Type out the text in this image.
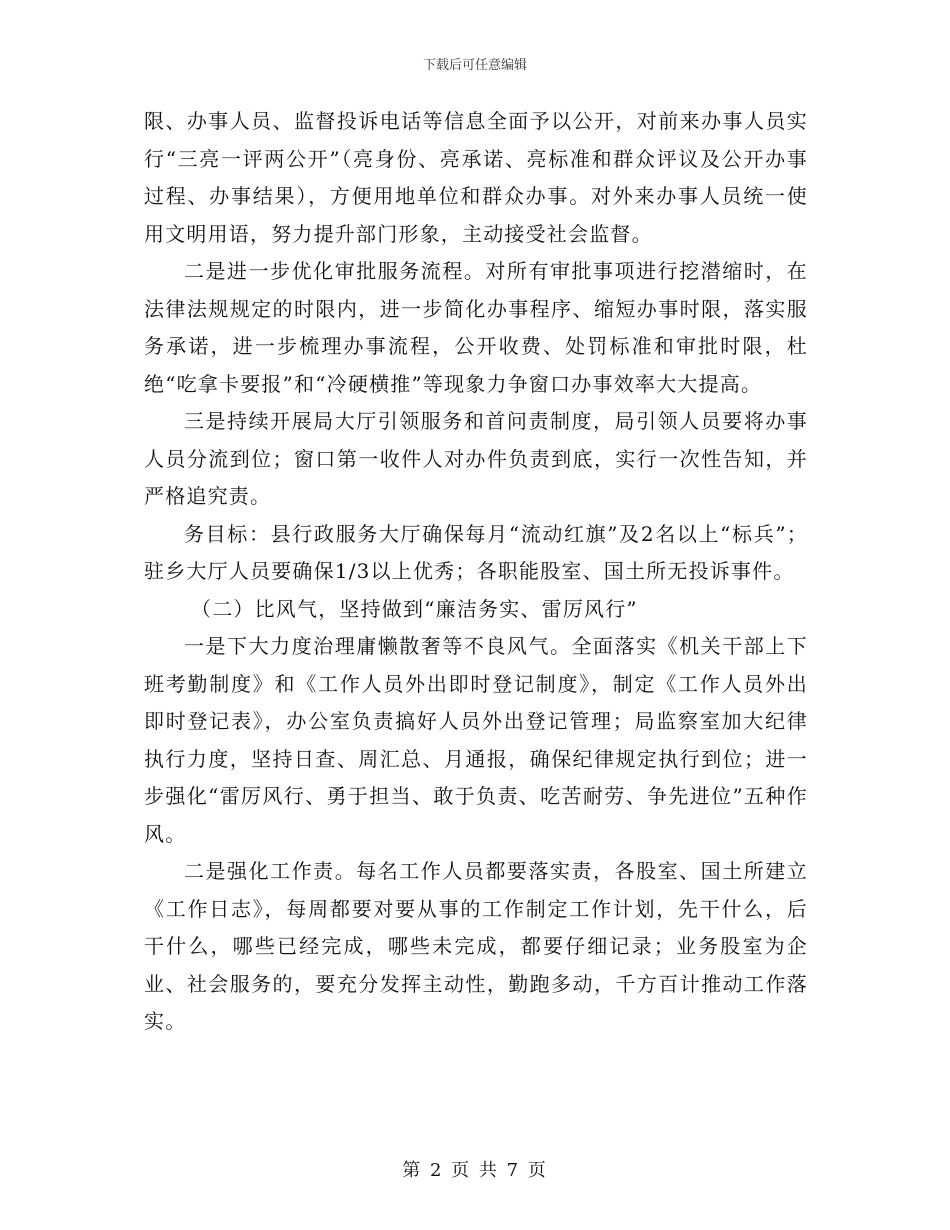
下载后可任意编辑

限、办事人员、监督投诉电话等信息全面予以公开，对前来办事人员实行“三亮一评两公开”（亮身份、亮承诺、亮标准和群众评议及公开办事过程、办事结果），方便用地单位和群众办事。对外来办事人员统一使用文明用语，努力提升部门形象，主动接受社会监督。

二是进一步优化审批服务流程。对所有审批事项进行挖潜缩时，在法律法规规定的时限内，进一步简化办事程序、缩短办事时限，落实服务承诺，进一步梳理办事流程，公开收费、处罚标准和审批时限，杜绝“吃拿卡要报”和“冷硬横推”等现象力争窗口办事效率大大提高。

三是持续开展局大厅引领服务和首问责制度，局引领人员要将办事人员分流到位；窗口第一收件人对办件负责到底，实行一次性告知，并严格追究责。

务目标：县行政服务大厅确保每月“流动红旗”及2名以上“标兵”；驻乡大厅人员要确保1/3以上优秀；各职能股室、国土所无投诉事件。

（二）比风气，坚持做到“廉洁务实、雷厉风行”

一是下大力度治理庸懒散奢等不良风气。全面落实《机关干部上下班考勤制度》和《工作人员外出即时登记制度》，制定《工作人员外出即时登记表》，办公室负责搞好人员外出登记管理；局监察室加大纪律执行力度，坚持日查、周汇总、月通报，确保纪律规定执行到位；进一步强化“雷厉风行、勇于担当、敢于负责、吃苦耐劳、争先进位”五种作风。

二是强化工作责。每名工作人员都要落实责，各股室、国土所建立《工作日志》，每周都要对要从事的工作制定工作计划，先干什么，后干什么，哪些已经完成，哪些未完成，都要仔细记录；业务股室为企业、社会服务的，要充分发挥主动性，勤跑多动，千方百计推动工作落实。

第 2 页 共 7 页
